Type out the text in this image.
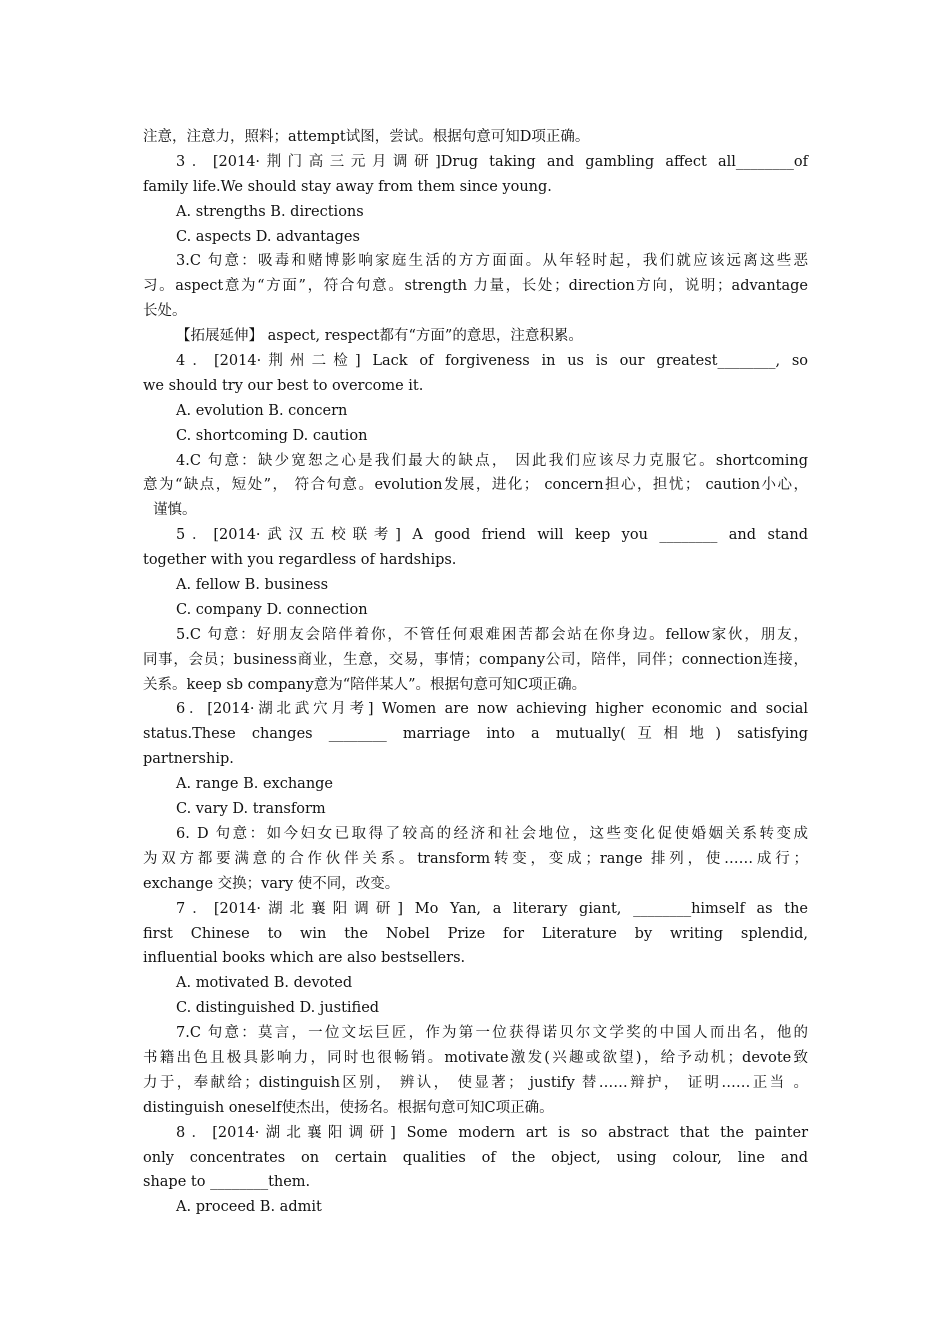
注意，注意力，照料；attempt试图，尝试。根据句意可知D项正确。
3．[2014·荆门高三元月调研]Drug taking and gambling affect all________of
family life.We should stay away from them since young.
A. strengths B. directions
C. aspects D. advantages
3.C 句意：吸毒和赌博影响家庭生活的方方面面。从年轻时起，我们就应该远离这些恶
习。aspect意为“方面”，符合句意。strength 力量，长处；direction方向，说明；advantage
长处。
【拓展延伸】 aspect, respect都有“方面”的意思，注意积累。
4．[2014·荆州二检] Lack of forgiveness in us is our greatest________, so
we should try our best to overcome it.
A. evolution B. concern
C. shortcoming D. caution
4.C 句意：缺少宽恕之心是我们最大的缺点， 因此我们应该尽力克服它。shortcoming
意为“缺点，短处”， 符合句意。evolution发展，进化； concern担心，担忧； caution小心，
谨慎。
5．[2014·武汉五校联考] A good friend will keep you ________ and stand
together with you regardless of hardships.
A. fellow B. business
C. company D. connection
5.C 句意：好朋友会陪伴着你，不管任何艰难困苦都会站在你身边。fellow家伙，朋友，
同事，会员；business商业，生意，交易，事情；company公司，陪伴，同伴；connection连接，
关系。keep sb company意为“陪伴某人”。根据句意可知C项正确。
6．[2014·湖北武穴月考] Women are now achieving higher economic and social
status.These changes ________ marriage into a mutually(互相地) satisfying
partnership.
A. range B. exchange
C. vary D. transform
6. D 句意：如今妇女已取得了较高的经济和社会地位，这些变化促使婚姻关系转变成
为双方都要满意的合作伙伴关系。transform转变，变成；range 排列，使……成行；
exchange 交换；vary 使不同，改变。
7．[2014·湖北襄阳调研] Mo Yan, a literary giant, ________himself as the
first Chinese to win the Nobel Prize for Literature by writing splendid,
influential books which are also bestsellers.
A. motivated B. devoted
C. distinguished D. justified
7.C 句意：莫言，一位文坛巨匠，作为第一位获得诺贝尔文学奖的中国人而出名，他的
书籍出色且极具影响力，同时也很畅销。motivate激发(兴趣或欲望)，给予动机；devote致
力于，奉献给；distinguish区别， 辨认， 使显著； justify 替……辩护， 证明……正当 。
distinguish oneself使杰出，使扬名。根据句意可知C项正确。
8．[2014·湖北襄阳调研] Some modern art is so abstract that the painter
only concentrates on certain qualities of the object, using colour, line and
shape to ________them.
A. proceed B. admit
